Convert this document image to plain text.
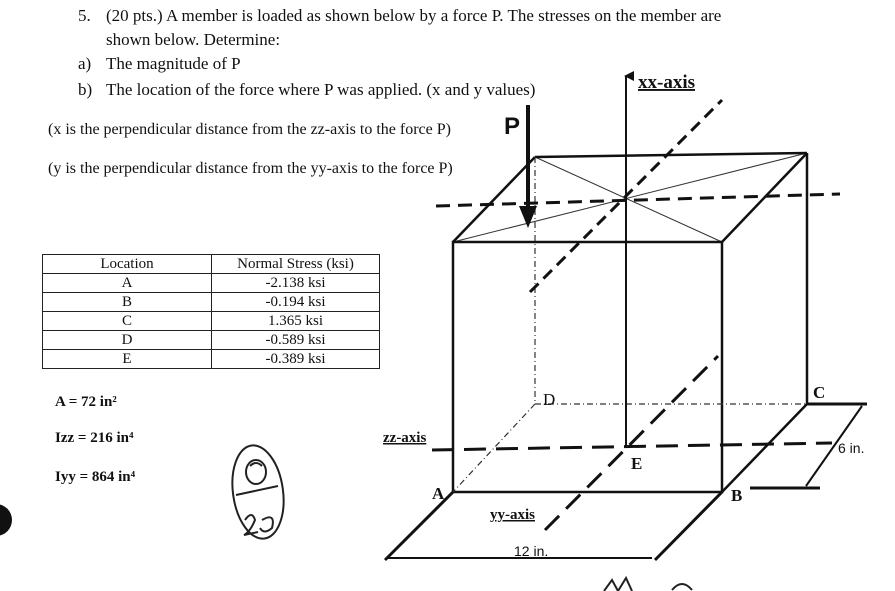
5. (20 pts.) A member is loaded as shown below by a force P. The stresses on the member are
shown below. Determine:
a) The magnitude of P
b) The location of the force where P was applied. (x and y values)
(x is the perpendicular distance from the zz-axis to the force P)
(y is the perpendicular distance from the yy-axis to the force P)
Location	Normal Stress (ksi)
A	-2.138 ksi
B	-0.194 ksi
C	1.365 ksi
D	-0.589 ksi
E	-0.389 ksi
A = 72 in²
Izz = 216 in⁴
Iyy = 864 in⁴
P
xx-axis
zz-axis
yy-axis
A	B
C
D
E
6 in.
12 in.
